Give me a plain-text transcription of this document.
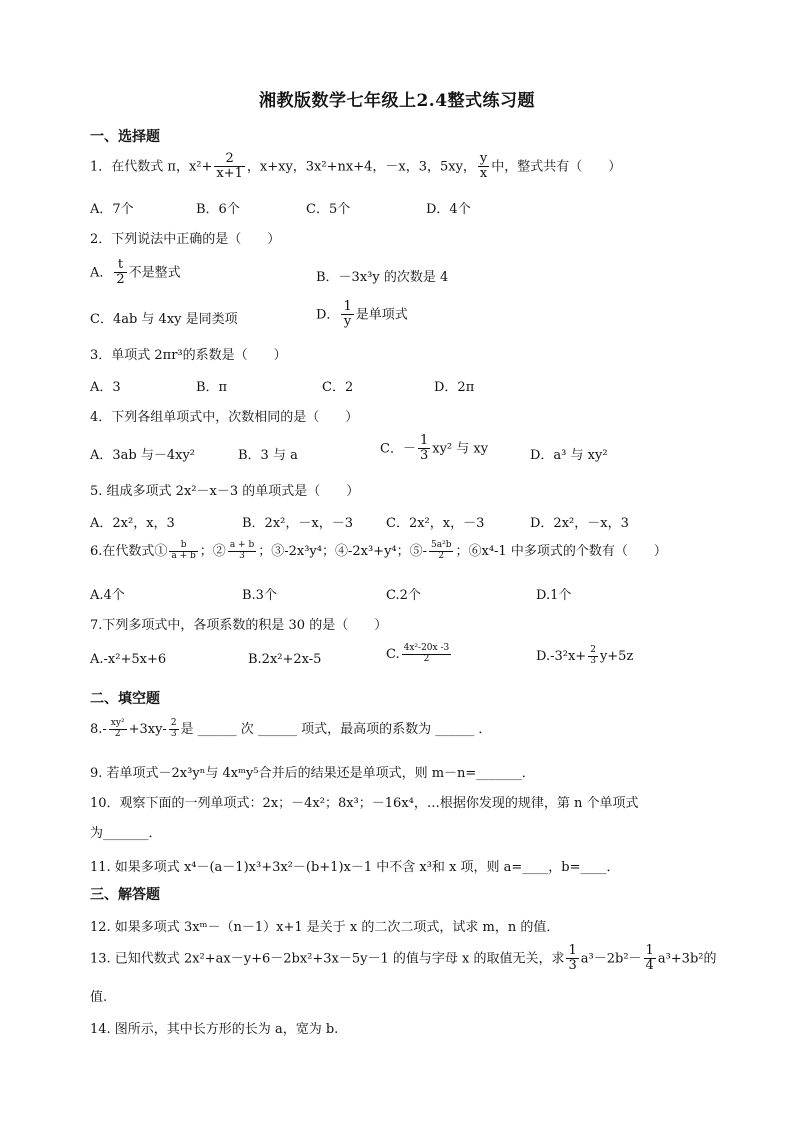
湘教版数学七年级上2.4整式练习题
一、选择题
1．在代数式 π，$x^2+ \frac{2}{x+1}$ ，x+xy，3x²+nx+4，－x，3，5xy， $\frac{y}{x}$ 中，整式共有（　　）
A．7个	B．6个	C．5个	D．4个
2．下列说法中正确的是（　　）
A． $\frac{t}{2}$ 不是整式	B．－3x³y 的次数是 4
C．4ab 与 4xy 是同类项	D． $\frac{1}{y}$ 是单项式
3．单项式 2πr³的系数是（　　）
A．3	B．π	C．2	D．2π
4．下列各组单项式中，次数相同的是（　　）
A．3ab 与－4xy²	B．3 与 a	C．－ $\frac{1}{3} xy^2$ 与 xy	D．a³ 与 xy²
5. 组成多项式 2x²－x－3 的单项式是（　　）
A．2x²，x，3	B．2x²，－x，－3	C．2x²，x，－3	D．2x²，－x，3
6.在代数式① $\frac{b}{a + b}$ ；② $\frac{a + b}{3}$ ；③-2x³y⁴；④-2x³+y⁴；⑤- $\frac{\text{5a²b}}{2}$ ；⑥x⁴-1 中多项式的个数有（　　）
A.4个	B.3个	C.2个	D.1个
7.下列多项式中，各项系数的积是 30 的是（　　）
A.-x²+5x+6	B.2x²+2x-5	C. $\frac{\text{4x²-20x -3}}{2}$	$D.-3^2x+ \frac{2}{3} y+5z$
二、填空题
$8.- \frac{\text{xy²}}{2} +3xy- \frac{2}{3}$ 是 ______ 次 ______ 项式，最高项的系数为 ______ ．
9. 若单项式－2x³yⁿ与 4xᵐy⁵合并后的结果还是单项式，则 m－n=_______．
10．观察下面的一列单项式：2x；－4x²；8x³；－16x⁴，…根据你发现的规律，第 n 个单项式
为_______．
11. 如果多项式 x⁴－(a－1)x³+3x²－(b+1)x－1 中不含 x³和 x 项，则 a=____，b=____．
三、解答题
12. 如果多项式 3xᵐ－（n－1）x+1 是关于 x 的二次二项式，试求 m，n 的值．
13. 已知代数式 2x²+ax－y+6－2bx²+3x－5y－1 的值与字母 x 的取值无关，求 $\frac{1}{3} a^3-2b^2- \frac{1}{4} a^3+3b^2$的
值.
14. 图所示，其中长方形的长为 a，宽为 b.
